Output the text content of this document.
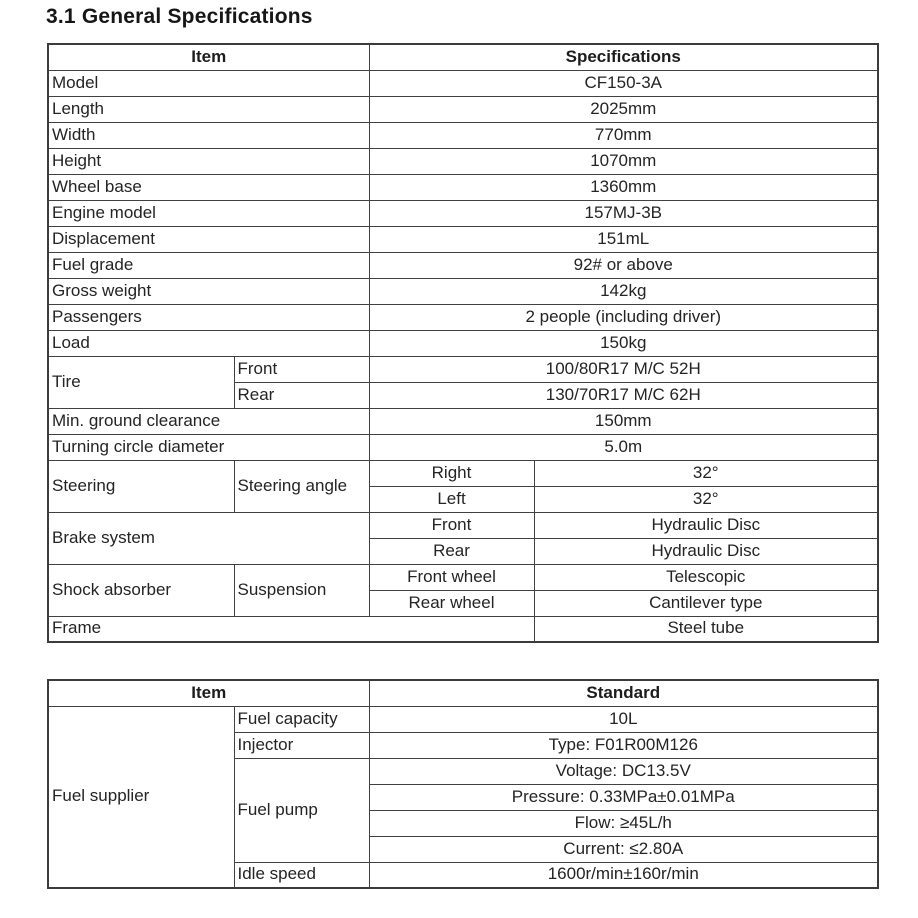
3.1 General Specifications
Item		Specifications	
Model		CF150-3A	
Length		2025mm	
Width		770mm	
Height		1070mm	
Wheel base		1360mm	
Engine model		157MJ-3B	
Displacement		151mL	
Fuel grade		92# or above	
Gross weight		142kg	
Passengers		2 people (including driver)	
Load		150kg	
Tire	Front	100/80R17 M/C 52H	
	Rear	130/70R17 M/C 62H	
Min. ground clearance		150mm	
Turning circle diameter		5.0m	
Steering	Steering angle	Right	32°
		Left	32°
Brake system		Front	Hydraulic Disc
		Rear	Hydraulic Disc
Shock absorber	Suspension	Front wheel	Telescopic
		Rear wheel	Cantilever type
Frame			Steel tube
Item		Standard
Fuel supplier	Fuel capacity	10L
	Injector	Type: F01R00M126
	Fuel pump	Voltage: DC13.5V
		Pressure: 0.33MPa±0.01MPa
		Flow: ≥45L/h
		Current: ≤2.80A
	Idle speed	1600r/min±160r/min
